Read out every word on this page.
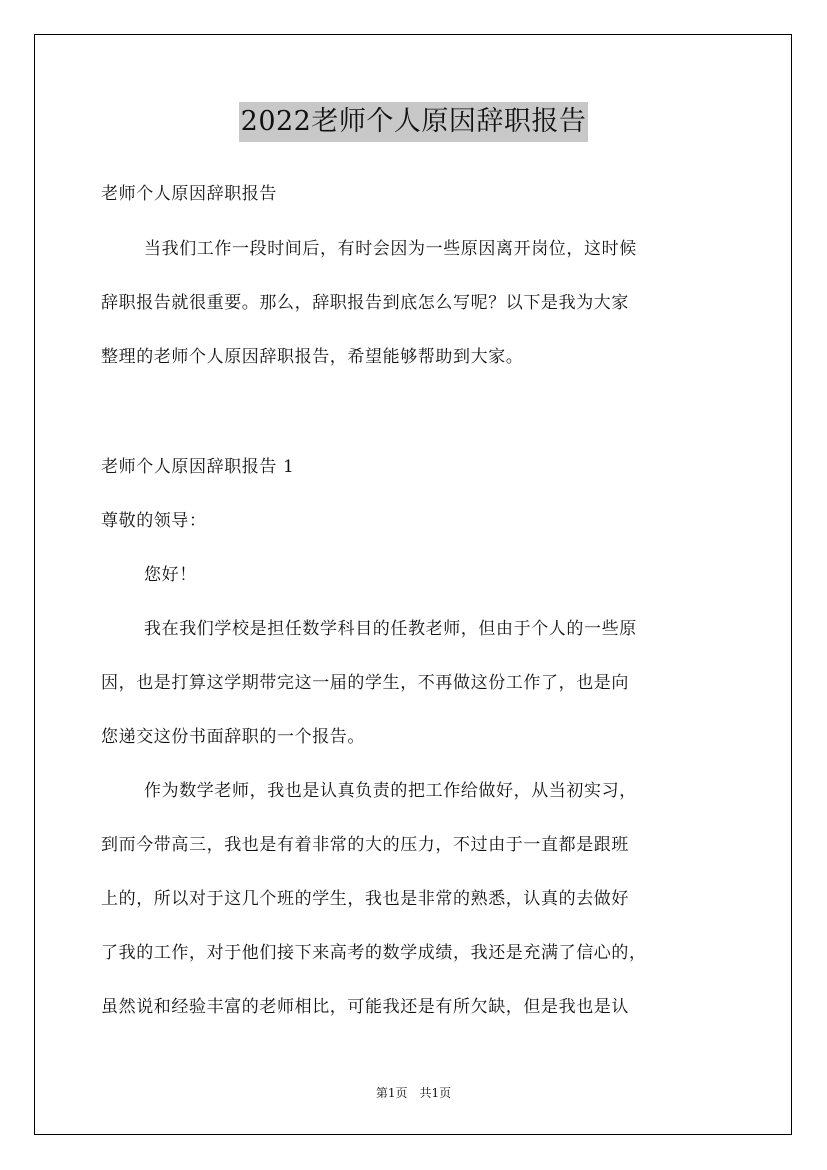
2022老师个人原因辞职报告
老师个人原因辞职报告
当我们工作一段时间后，有时会因为一些原因离开岗位，这时候
辞职报告就很重要。那么，辞职报告到底怎么写呢？以下是我为大家
整理的老师个人原因辞职报告，希望能够帮助到大家。
老师个人原因辞职报告 1
尊敬的领导：
您好！
我在我们学校是担任数学科目的任教老师，但由于个人的一些原
因，也是打算这学期带完这一届的学生，不再做这份工作了，也是向
您递交这份书面辞职的一个报告。
作为数学老师，我也是认真负责的把工作给做好，从当初实习，
到而今带高三，我也是有着非常的大的压力，不过由于一直都是跟班
上的，所以对于这几个班的学生，我也是非常的熟悉，认真的去做好
了我的工作，对于他们接下来高考的数学成绩，我还是充满了信心的，
虽然说和经验丰富的老师相比，可能我还是有所欠缺，但是我也是认
第1页 共1页
